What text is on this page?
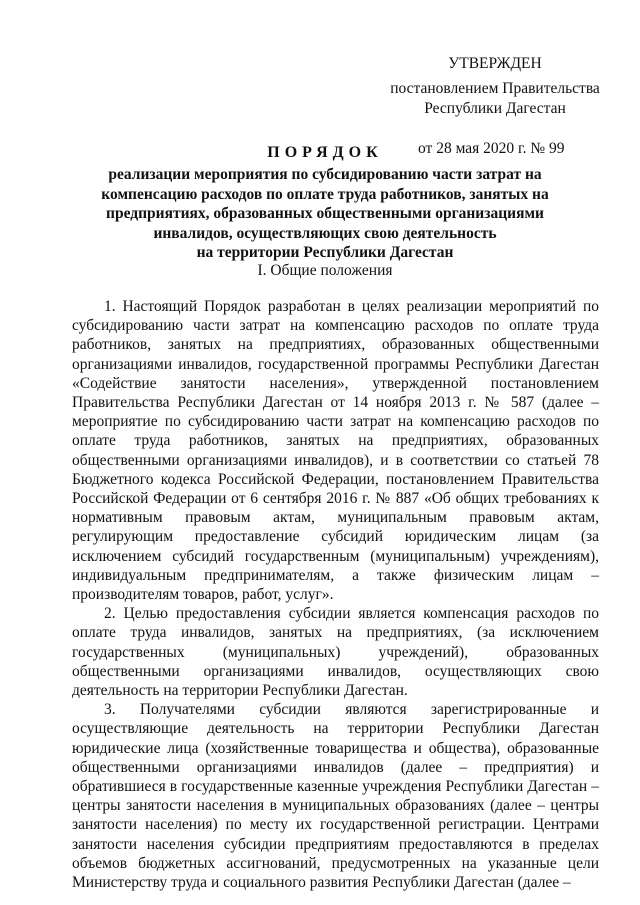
УТВЕРЖДЕН
постановлением Правительства
Республики Дагестан
от 28 мая 2020 г. № 99
ПОРЯДОК
реализации мероприятия по субсидированию части затрат на
компенсацию расходов по оплате труда работников, занятых на
предприятиях, образованных общественными организациями
инвалидов, осуществляющих свою деятельность
на территории Республики Дагестан
I. Общие положения

1. Настоящий Порядок разработан в целях реализации мероприятий по субсидированию части затрат на компенсацию расходов по оплате труда работников, занятых на предприятиях, образованных общественными организациями инвалидов, государственной программы Республики Дагестан «Содействие занятости населения», утвержденной постановлением Правительства Республики Дагестан от 14 ноября 2013 г. № 587 (далее – мероприятие по субсидированию части затрат на компенсацию расходов по оплате труда работников, занятых на предприятиях, образованных общественными организациями инвалидов), и в соответствии со статьей 78 Бюджетного кодекса Российской Федерации, постановлением Правительства Российской Федерации от 6 сентября 2016 г. № 887 «Об общих требованиях к нормативным правовым актам, муниципальным правовым актам, регулирующим предоставление субсидий юридическим лицам (за исключением субсидий государственным (муниципальным) учреждениям), индивидуальным предпринимателям, а также физическим лицам – производителям товаров, работ, услуг».

2. Целью предоставления субсидии является компенсация расходов по оплате труда инвалидов, занятых на предприятиях, (за исключением государственных (муниципальных) учреждений), образованных общественными организациями инвалидов, осуществляющих свою деятельность на территории Республики Дагестан.

3. Получателями субсидии являются зарегистрированные и осуществляющие деятельность на территории Республики Дагестан юридические лица (хозяйственные товарищества и общества), образованные общественными организациями инвалидов (далее – предприятия) и обратившиеся в государственные казенные учреждения Республики Дагестан – центры занятости населения в муниципальных образованиях (далее – центры занятости населения) по месту их государственной регистрации. Центрами занятости населения субсидии предприятиям предоставляются в пределах объемов бюджетных ассигнований, предусмотренных на указанные цели Министерству труда и социального развития Республики Дагестан (далее –
